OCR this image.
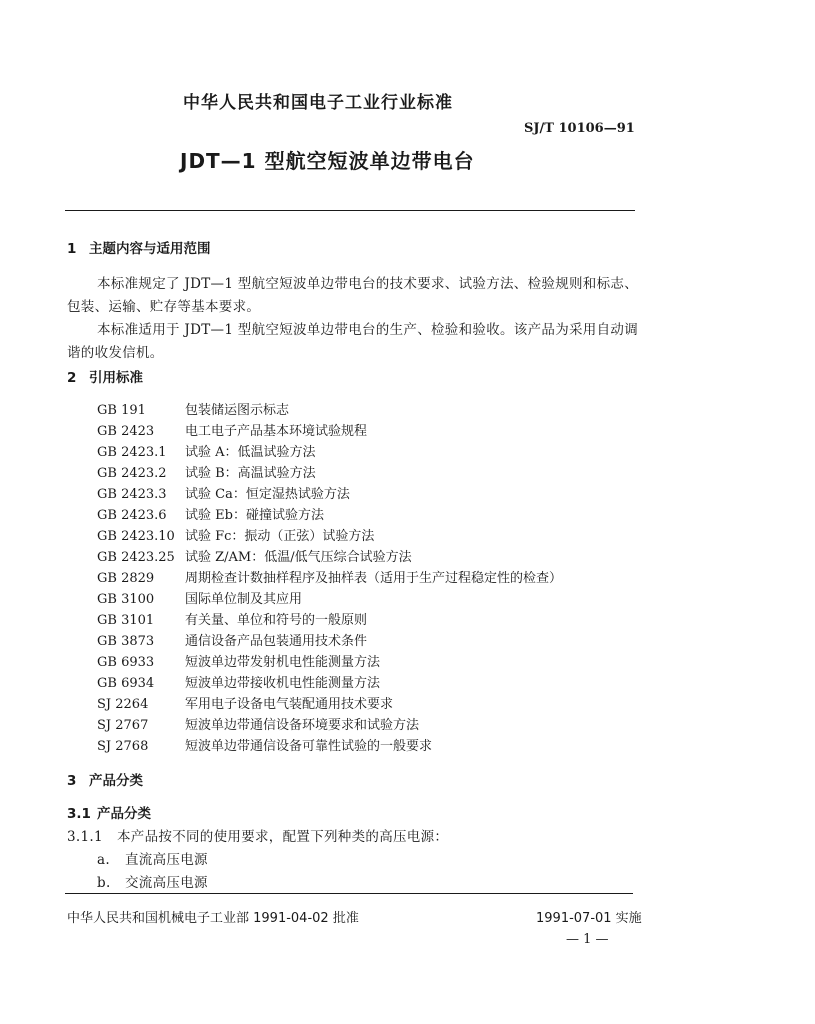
中华人民共和国电子工业行业标准
SJ/T 10106—91
JDT—1 型航空短波单边带电台
1 主题内容与适用范围
本标准规定了 JDT—1 型航空短波单边带电台的技术要求、试验方法、检验规则和标志、
包装、运输、贮存等基本要求。
本标准适用于 JDT—1 型航空短波单边带电台的生产、检验和验收。该产品为采用自动调
谐的收发信机。
2 引用标准
GB 191	包装储运图示标志
GB 2423 电工电子产品基本环境试验规程
GB 2423.1 试验 A：低温试验方法
GB 2423.2 试验 B：高温试验方法
GB 2423.3 试验 Ca：恒定湿热试验方法
GB 2423.6 试验 Eb：碰撞试验方法
GB 2423.10 试验 Fc：振动（正弦）试验方法
GB 2423.25 试验 Z/AM：低温/低气压综合试验方法
GB 2829 周期检查计数抽样程序及抽样表（适用于生产过程稳定性的检查）
GB 3100 国际单位制及其应用
GB 3101 有关量、单位和符号的一般原则
GB 3873 通信设备产品包装通用技术条件
GB 6933 短波单边带发射机电性能测量方法
GB 6934 短波单边带接收机电性能测量方法
SJ 2264	军用电子设备电气装配通用技术要求
SJ 2767	短波单边带通信设备环境要求和试验方法
SJ 2768	短波单边带通信设备可靠性试验的一般要求
3 产品分类
3.1 产品分类
3.1.1 本产品按不同的使用要求，配置下列种类的高压电源：
a. 直流高压电源
b. 交流高压电源
中华人民共和国机械电子工业部 1991-04-02 批准	1991-07-01 实施
— 1 —
